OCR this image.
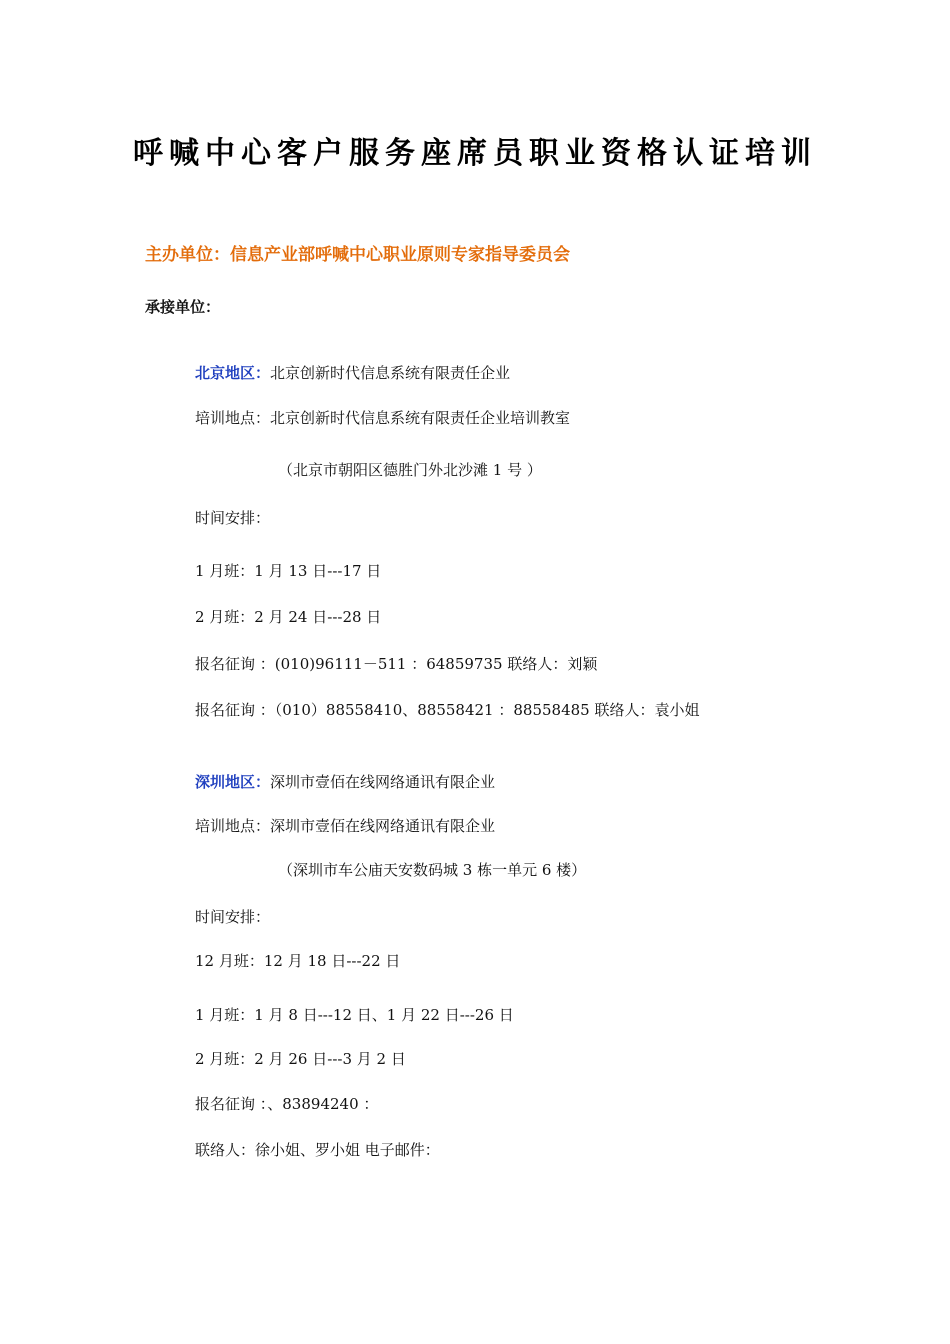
呼喊中心客户服务座席员职业资格认证培训
主办单位：信息产业部呼喊中心职业原则专家指导委员会
承接单位：
北京地区：北京创新时代信息系统有限责任企业
培训地点：北京创新时代信息系统有限责任企业培训教室
（北京市朝阳区德胜门外北沙滩 1 号 ）
时间安排：
1 月班：1 月 13 日---17 日
2 月班：2 月 24 日---28 日
报名征询 ：(010)96111－511 ：64859735 联络人：刘颖
报名征询 ：（010）88558410、88558421 ：88558485 联络人：袁小姐
深圳地区：深圳市壹佰在线网络通讯有限企业
培训地点：深圳市壹佰在线网络通讯有限企业
（深圳市车公庙天安数码城 3 栋一单元 6 楼）
时间安排：
12 月班：12 月 18 日---22 日
1 月班：1 月 8 日---12 日、1 月 22 日---26 日
2 月班：2 月 26 日---3 月 2 日
报名征询 ：、83894240 ：
联络人：徐小姐、罗小姐 电子邮件：
